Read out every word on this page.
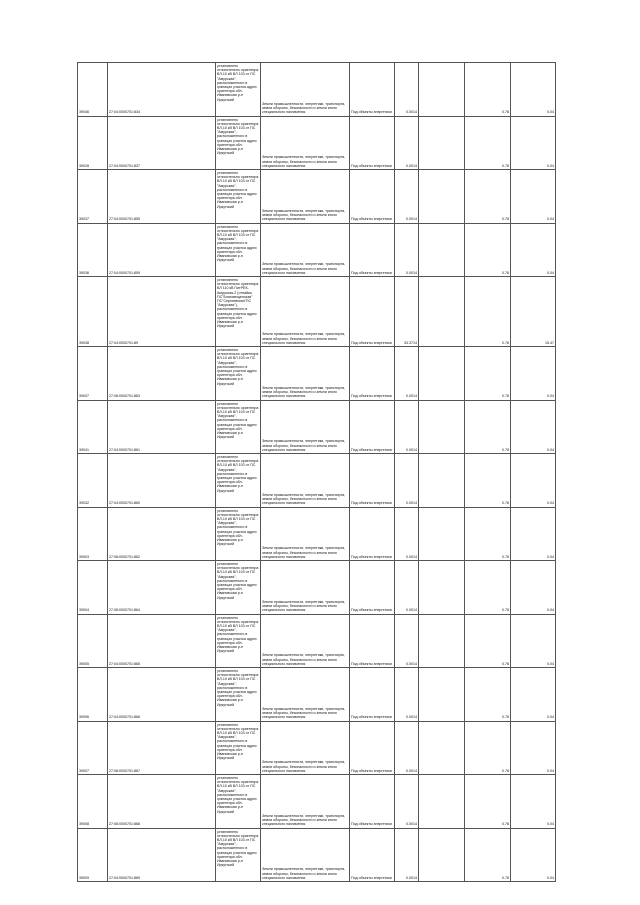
39046	27:04:0000701:834	установлено относительно ориентира ВЛ-10 кВ ВЛ 103 от ПС "Амурская", расположенного в границах участка адрес ориентира обл. Ивановская р-н Иркутский	Земли промышленности, энергетики, транспорта, земли обороны, безопасности и земли иного специального назначения	Под объекты энергетики	0.0014		0.78	0.04
39028	27:04:0000701:837	установлено относительно ориентира ВЛ-10 кВ ВЛ 103 от ПС "Амурская", расположенного в границах участка адрес ориентира обл. Ивановская р-н Иркутский	Земли промышленности, энергетики, транспорта, земли обороны, безопасности и земли иного специального назначения	Под объекты энергетики	0.0014		0.78	0.04
39037	27:04:0000701:855	установлено относительно ориентира ВЛ-10 кВ ВЛ 103 от ПС "Амурская", расположенного в границах участка адрес ориентира обл. Ивановская р-н Иркутский	Земли промышленности, энергетики, транспорта, земли обороны, безопасности и земли иного специального назначения	Под объекты энергетики	0.0014		0.78	0.04
39036	27:04:0000701:859	установлено относительно ориентира ВЛ-10 кВ ВЛ 103 от ПС "Амурская", расположенного в границах участка адрес ориентира обл. Ивановская р-н Иркутский	Земли промышленности, энергетики, транспорта, земли обороны, безопасности и земли иного специального назначения	Под объекты энергетики	0.0014		0.78	0.04
39038	27:04:0000701:89	установлено относительно ориентира ВЛ 110 кВ ПитРЕК-Амурская-2 (отпайка ПС"Благовещенская" ПС"Сергиевская"ПС "Амурская"), расположенного в границах участка адрес ориентира обл. Ивановская р-н Иркутский	Земли промышленности, энергетики, транспорта, земли обороны, безопасности и земли иного специального назначения	Под объекты энергетики	33.3714		0.78	15.47
39007	27:08:0000701:863	установлено относительно ориентира ВЛ-10 кВ ВЛ 103 от ПС "Амурская", расположенного в границах участка адрес ориентира обл. Ивановская р-н Иркутский	Земли промышленности, энергетики, транспорта, земли обороны, безопасности и земли иного специального назначения	Под объекты энергетики	0.0014		0.78	0.04
39041	27:04:0000701:861	установлено относительно ориентира ВЛ-10 кВ ВЛ 103 от ПС "Амурская", расположенного в границах участка адрес ориентира обл. Ивановская р-н Иркутский	Земли промышленности, энергетики, транспорта, земли обороны, безопасности и земли иного специального назначения	Под объекты энергетики	0.0014		0.78	0.04
39032	27:04:0000701:860	установлено относительно ориентира ВЛ-10 кВ ВЛ 103 от ПС "Амурская", расположенного в границах участка адрес ориентира обл. Ивановская р-н Иркутский	Земли промышленности, энергетики, транспорта, земли обороны, безопасности и земли иного специального назначения	Под объекты энергетики	0.0014		0.78	0.04
39003	27:08:0000701:862	установлено относительно ориентира ВЛ-10 кВ ВЛ 103 от ПС "Амурская", расположенного в границах участка адрес ориентира обл. Ивановская р-н Иркутский	Земли промышленности, энергетики, транспорта, земли обороны, безопасности и земли иного специального назначения	Под объекты энергетики	0.0014		0.78	0.04
39004	27:08:0000701:864	установлено относительно ориентира ВЛ-10 кВ ВЛ 103 от ПС "Амурская", расположенного в границах участка адрес ориентира обл. Ивановская р-н Иркутский	Земли промышленности, энергетики, транспорта, земли обороны, безопасности и земли иного специального назначения	Под объекты энергетики	0.0014		0.78	0.04
39005	27:04:0000701:865	установлено относительно ориентира ВЛ-10 кВ ВЛ 103 от ПС "Амурская", расположенного в границах участка адрес ориентира обл. Ивановская р-н Иркутский	Земли промышленности, энергетики, транспорta, земли обороны, безопасности и земли иного специального назначения	Под объекты энергетики	0.0014		0.78	0.04
39006	27:04:0000701:866	установлено относительно ориентира ВЛ-10 кВ ВЛ 103 от ПС "Амурская", расположенного в границах участка адрес ориентира обл. Ивановская р-н Иркутский	Земли промышленности, энергетики, транспорта, земли обороны, безопасности и земли иного специального назначения	Под объекты энергетики	0.0014		0.78	0.04
39007	27:08:0000701:867	установлено относительно ориентира ВЛ-10 кВ ВЛ 103 от ПС "Амурская", расположенного в границах участка адрес ориентира обл. Ивановская р-н Иркутский	Земли промышленности, энергетики, транспорта, земли обороны, безопасности и земли иного специального назначения	Под объекты энергетики	0.0014		0.78	0.04
39008	27:08:0000701:868	установлено относительно ориентира ВЛ-10 кВ ВЛ 103 от ПС "Амурская", расположенного в границах участка адрес ориентира обл. Ивановская р-н Иркутский	Земли промышленности, энергетики, транспорта, земли обороны, безопасности и земли иного специального назначения	Под объекты энергетики	0.0014		0.78	0.04
39009	27:04:0000701:869	установлено относительно ориентира ВЛ-10 кВ ВЛ 103 от ПС "Амурская", расположенного в границах участка адрес ориентира обл. Ивановская р-н Иркутский	Земли промышленности, энергетики, транспорта, земли обороны, безопасности и земли иного специального назначения	Под объекты энергетики	0.0014		0.78	0.04
